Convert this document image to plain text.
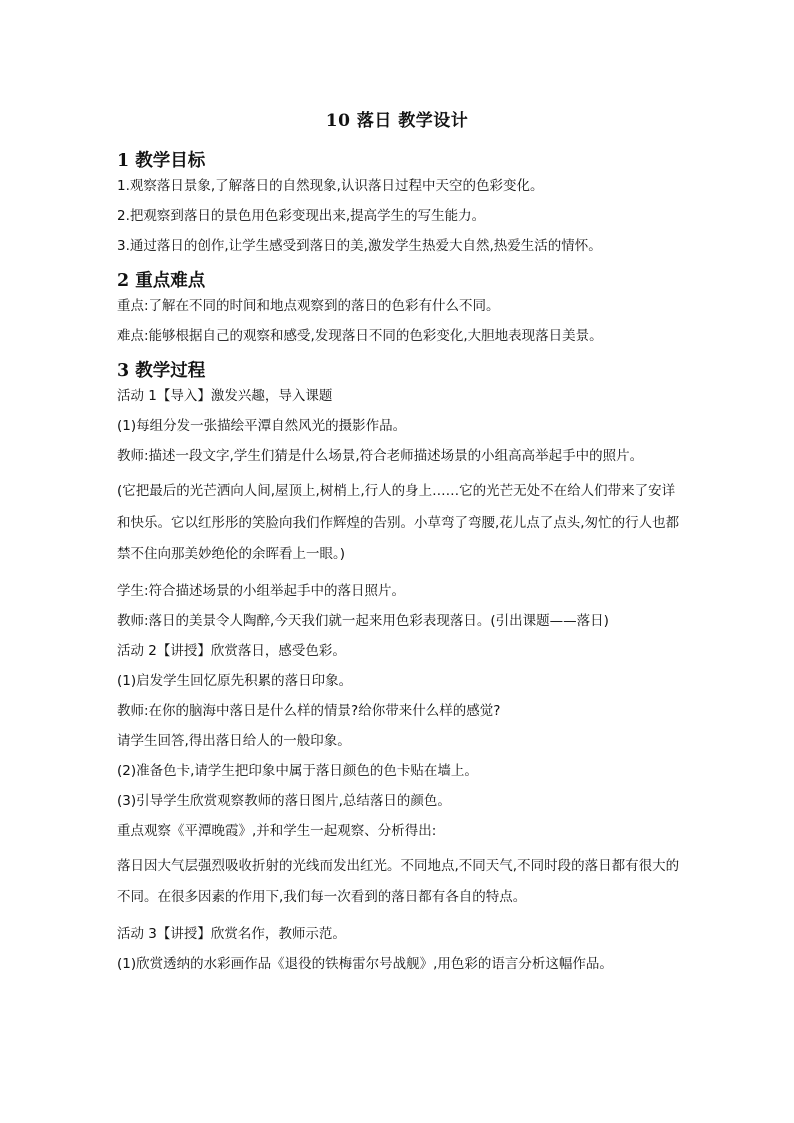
10 落日 教学设计
1 教学目标

1.观察落日景象,了解落日的自然现象,认识落日过程中天空的色彩变化。

2.把观察到落日的景色用色彩变现出来,提高学生的写生能力。

3.通过落日的创作,让学生感受到落日的美,激发学生热爱大自然,热爱生活的情怀。

2 重点难点

重点:了解在不同的时间和地点观察到的落日的色彩有什么不同。

难点:能够根据自己的观察和感受,发现落日不同的色彩变化,大胆地表现落日美景。

3 教学过程

活动 1【导入】激发兴趣，导入课题

(1)每组分发一张描绘平潭自然风光的摄影作品。

教师:描述一段文字,学生们猜是什么场景,符合老师描述场景的小组高高举起手中的照片。

(它把最后的光芒洒向人间,屋顶上,树梢上,行人的身上……它的光芒无处不在给人们带来了安详和快乐。它以红彤彤的笑脸向我们作辉煌的告别。小草弯了弯腰,花儿点了点头,匆忙的行人也都禁不住向那美妙绝伦的余晖看上一眼。)

学生:符合描述场景的小组举起手中的落日照片。

教师:落日的美景令人陶醉,今天我们就一起来用色彩表现落日。(引出课题——落日)

活动 2【讲授】欣赏落日，感受色彩。

(1)启发学生回忆原先积累的落日印象。

教师:在你的脑海中落日是什么样的情景?给你带来什么样的感觉?

请学生回答,得出落日给人的一般印象。

(2)准备色卡,请学生把印象中属于落日颜色的色卡贴在墙上。

(3)引导学生欣赏观察教师的落日图片,总结落日的颜色。

重点观察《平潭晚霞》,并和学生一起观察、分析得出:

落日因大气层强烈吸收折射的光线而发出红光。不同地点,不同天气,不同时段的落日都有很大的不同。在很多因素的作用下,我们每一次看到的落日都有各自的特点。

活动 3【讲授】欣赏名作，教师示范。

(1)欣赏透纳的水彩画作品《退役的铁梅雷尔号战舰》,用色彩的语言分析这幅作品。
